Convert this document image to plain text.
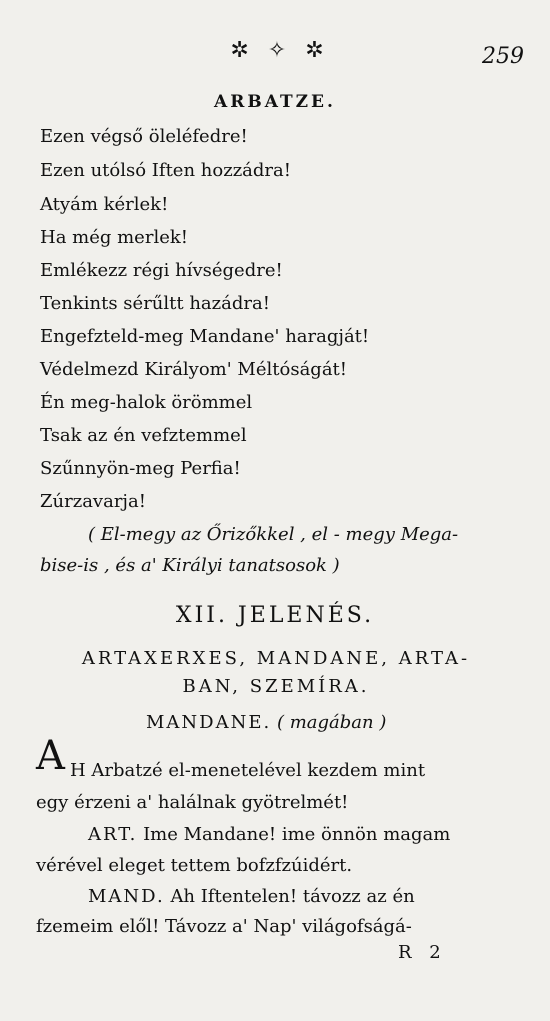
✲ ✧ ✲	259
ARBATZE.
Ezen végső öleléfedre!
Ezen utólsó Iften hozzádra!
Atyám kérlek!
Ha még merlek!
Emlékezz régi hívségedre!
Tenkints sérűltt hazádra!
Engefzteld-meg Mandane' haragját!
Védelmezd Királyom' Méltóságát!
Én meg-halok örömmel
Tsak az én vefztemmel
Szűnnyön-meg Perfia!
Zúrzavarja!
( El-megy az Őrizőkkel , el - megy Mega-
bise-is , és a' Királyi tanatsosok )
XII. JELENÉS.
ARTAXERXES, MANDANE, ARTA-
BAN, SZEMÍRA.
MANDANE. ( magában )
A H Arbatzé el-menetelével kezdem mint
egy érzeni a' halálnak gyötrelmét!
ART. Ime Mandane! ime önnön magam
vérével eleget tettem bofzfzúidért.
MAND. Ah Iftentelen! távozz az én
fzemeim elől! Távozz a' Nap' világofságá-
R 2
